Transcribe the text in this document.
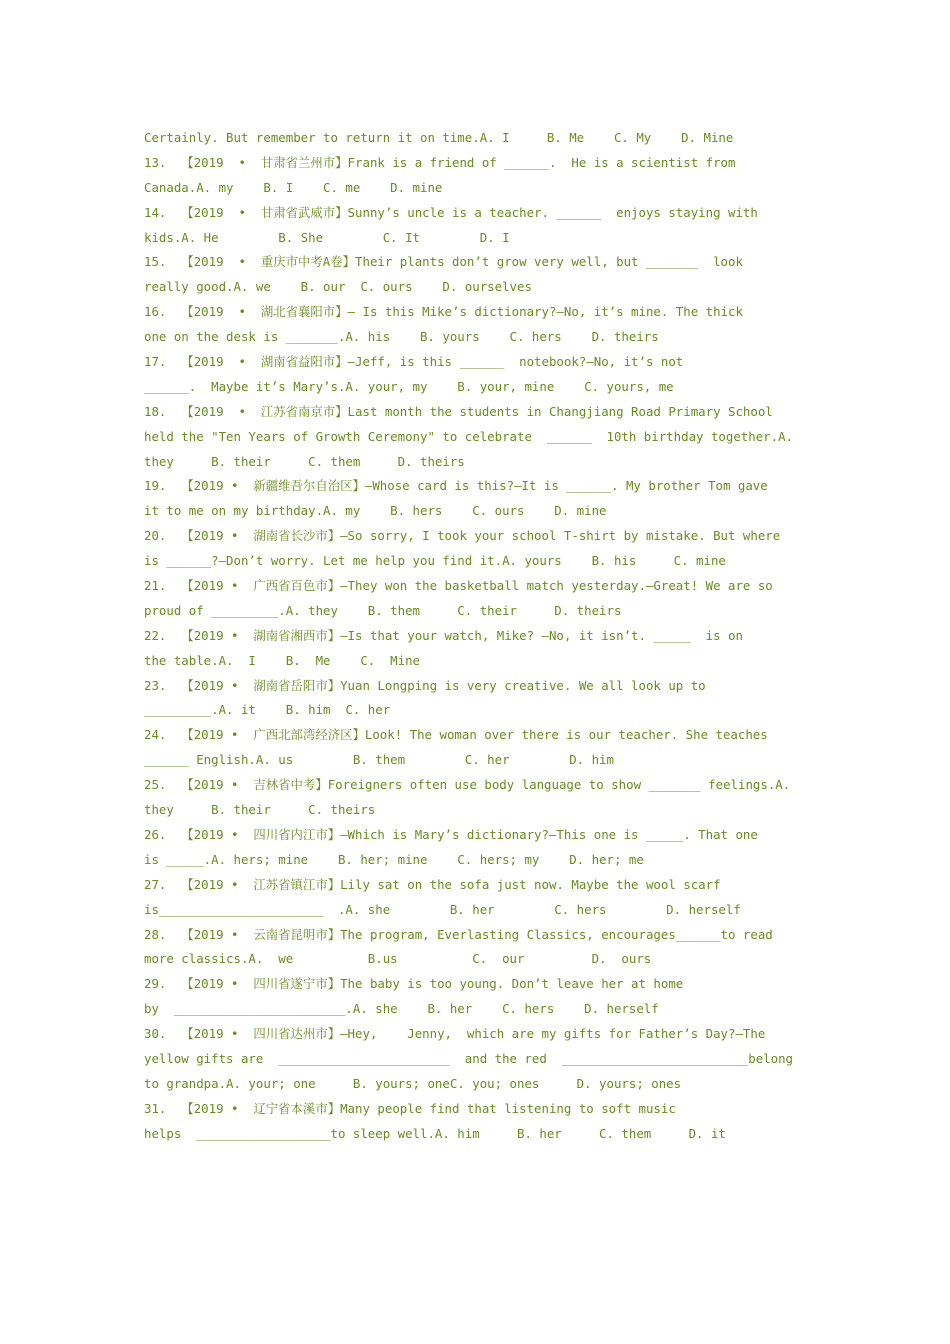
Certainly. But remember to return it on time.A. I     B. Me    C. My    D. Mine
13.  【2019  •  甘肃省兰州市】Frank is a friend of ______.  He is a scientist from
Canada.A. my    B. I    C. me    D. mine
14.  【2019  •  甘肃省武威市】Sunny’s uncle is a teacher. ______  enjoys staying with
kids.A. He        B. She        C. It        D. I
15.  【2019  •  重庆市中考A卷】Their plants don’t grow very well, but _______  look
really good.A. we    B. our  C. ours    D. ourselves
16.  【2019  •  湖北省襄阳市】— Is this Mike’s dictionary?—No, it’s mine. The thick
one on the desk is _______.A. his    B. yours    C. hers    D. theirs
17.  【2019  •  湖南省益阳市】—Jeff, is this ______  notebook?—No, it’s not
______.  Maybe it’s Mary’s.A. your, my    B. your, mine    C. yours, me
18.  【2019  •  江苏省南京市】Last month the students in Changjiang Road Primary School
held the "Ten Years of Growth Ceremony" to celebrate  ______  10th birthday together.A.
they     B. their     C. them     D. theirs
19.  【2019 •  新疆维吾尔自治区】—Whose card is this?—It is ______. My brother Tom gave
it to me on my birthday.A. my    B. hers    C. ours    D. mine
20.  【2019 •  湖南省长沙市】—So sorry, I took your school T-shirt by mistake. But where
is ______?—Don’t worry. Let me help you find it.A. yours    B. his     C. mine
21.  【2019 •  广西省百色市】—They won the basketball match yesterday.—Great! We are so
proud of _________.A. they    B. them     C. their     D. theirs
22.  【2019 •  湖南省湘西市】—Is that your watch, Mike? —No, it isn’t. _____  is on
the table.A.  I    B.  Me    C.  Mine
23.  【2019 •  湖南省岳阳市】Yuan Longping is very creative. We all look up to
_________.A. it    B. him  C. her
24.  【2019 •  广西北部湾经济区】Look! The woman over there is our teacher. She teaches
______ English.A. us        B. them        C. her        D. him
25.  【2019 •  吉林省中考】Foreigners often use body language to show _______ feelings.A.
they     B. their     C. theirs
26.  【2019 •  四川省内江市】—Which is Mary’s dictionary?—This one is _____. That one
is _____.A. hers; mine    B. her; mine    C. hers; my    D. her; me
27.  【2019 •  江苏省镇江市】Lily sat on the sofa just now. Maybe the wool scarf
is______________________  .A. she        B. her        C. hers        D. herself
28.  【2019 •  云南省昆明市】The program, Everlasting Classics, encourages______to read
more classics.A.  we          B.us          C.  our         D.  ours
29.  【2019 •  四川省遂宁市】The baby is too young. Don’t leave her at home
by  _______________________.A. she    B. her    C. hers    D. herself
30.  【2019 •  四川省达州市】—Hey,    Jenny,  which are my gifts for Father’s Day?—The
yellow gifts are  _______________________  and the red  _________________________belong
to grandpa.A. your; one     B. yours; oneC. you; ones     D. yours; ones
31.  【2019 •  辽宁省本溪市】Many people find that listening to soft music
helps  __________________to sleep well.A. him     B. her     C. them     D. it
